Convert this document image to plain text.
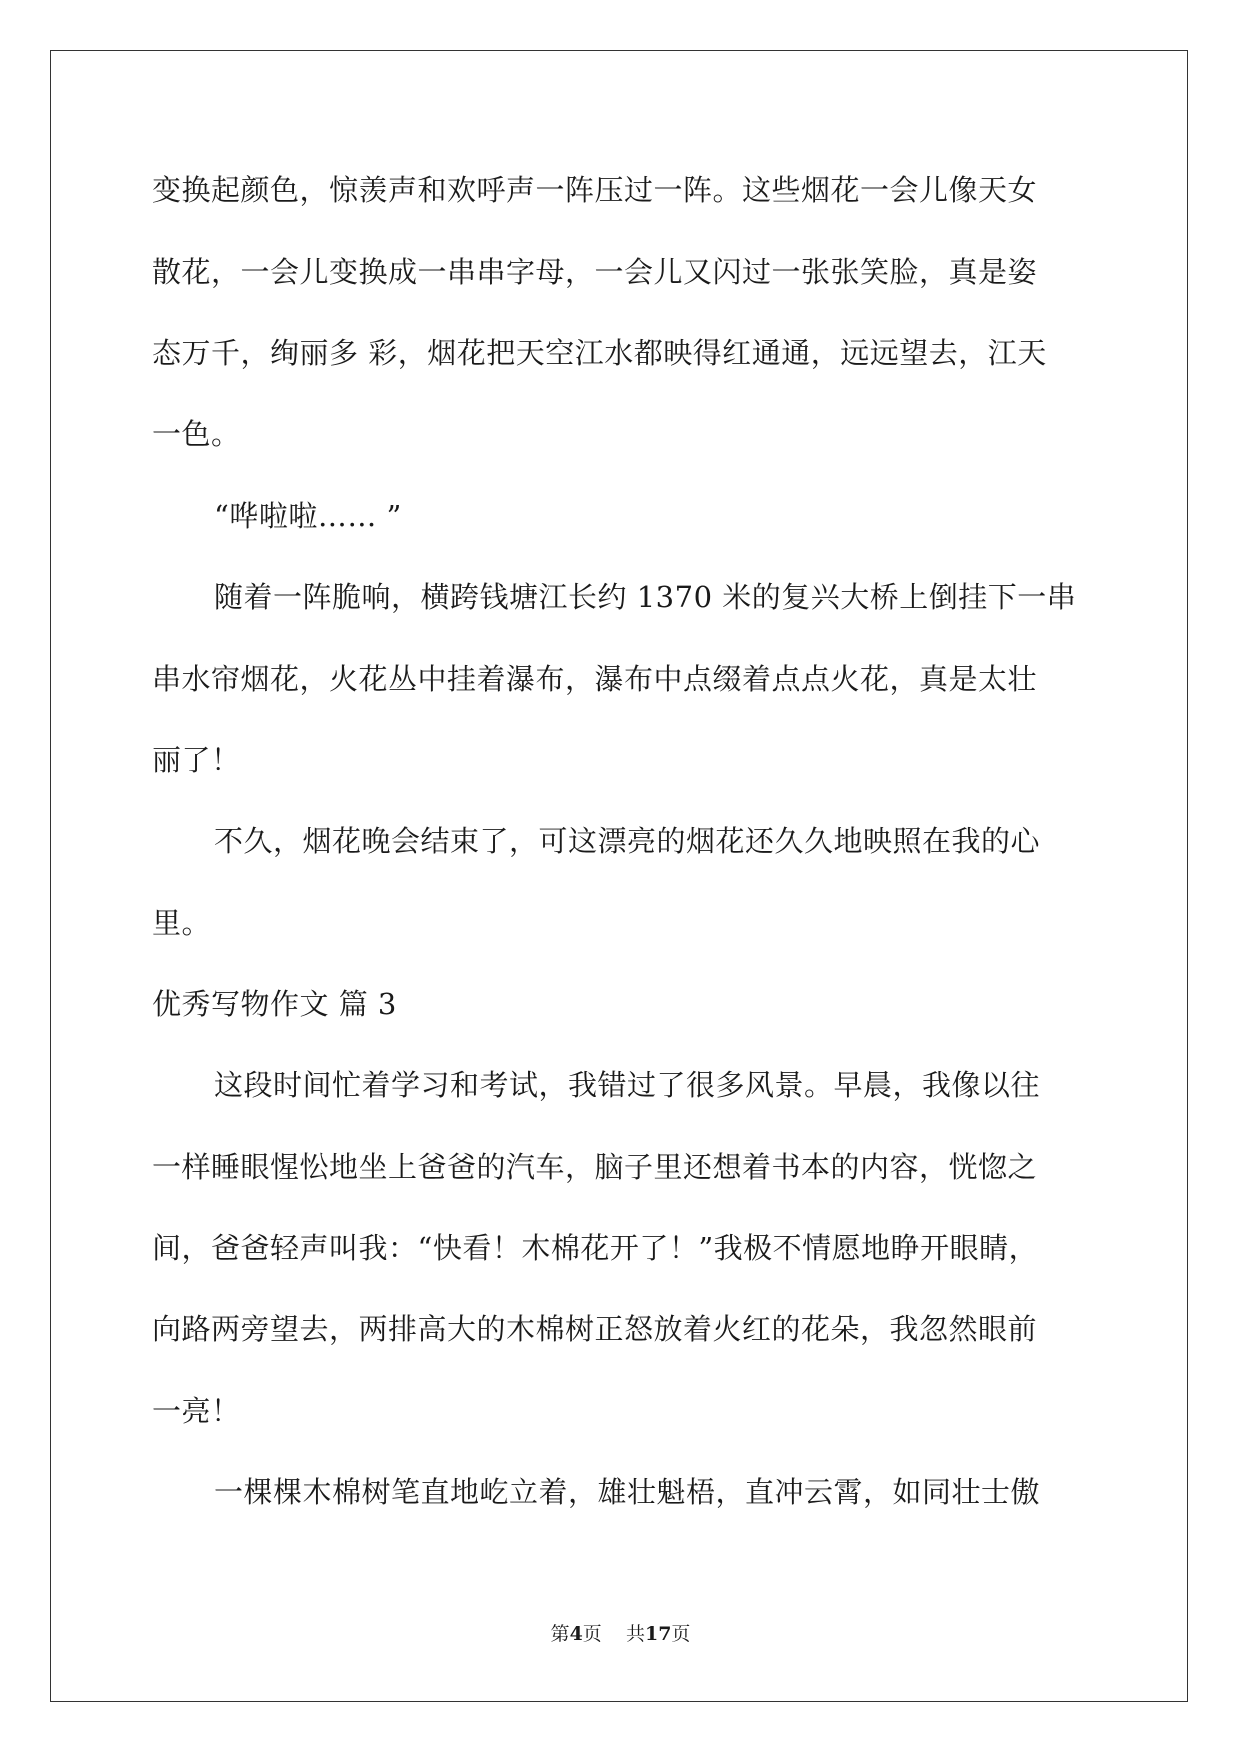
变换起颜色，惊羡声和欢呼声一阵压过一阵。这些烟花一会儿像天女
散花，一会儿变换成一串串字母，一会儿又闪过一张张笑脸，真是姿
态万千，绚丽多 彩，烟花把天空江水都映得红通通，远远望去，江天
一色。
“哗啦啦…… ”
随着一阵脆响，横跨钱塘江长约 1370 米的复兴大桥上倒挂下一串
串水帘烟花，火花丛中挂着瀑布，瀑布中点缀着点点火花，真是太壮
丽了！
不久，烟花晚会结束了，可这漂亮的烟花还久久地映照在我的心
里。
优秀写物作文 篇 3
这段时间忙着学习和考试，我错过了很多风景。早晨，我像以往
一样睡眼惺忪地坐上爸爸的汽车，脑子里还想着书本的内容，恍惚之
间，爸爸轻声叫我：“快看！木棉花开了！”我极不情愿地睁开眼睛，
向路两旁望去，两排高大的木棉树正怒放着火红的花朵，我忽然眼前
一亮！
一棵棵木棉树笔直地屹立着，雄壮魁梧，直冲云霄，如同壮士傲
第4页    共17页
